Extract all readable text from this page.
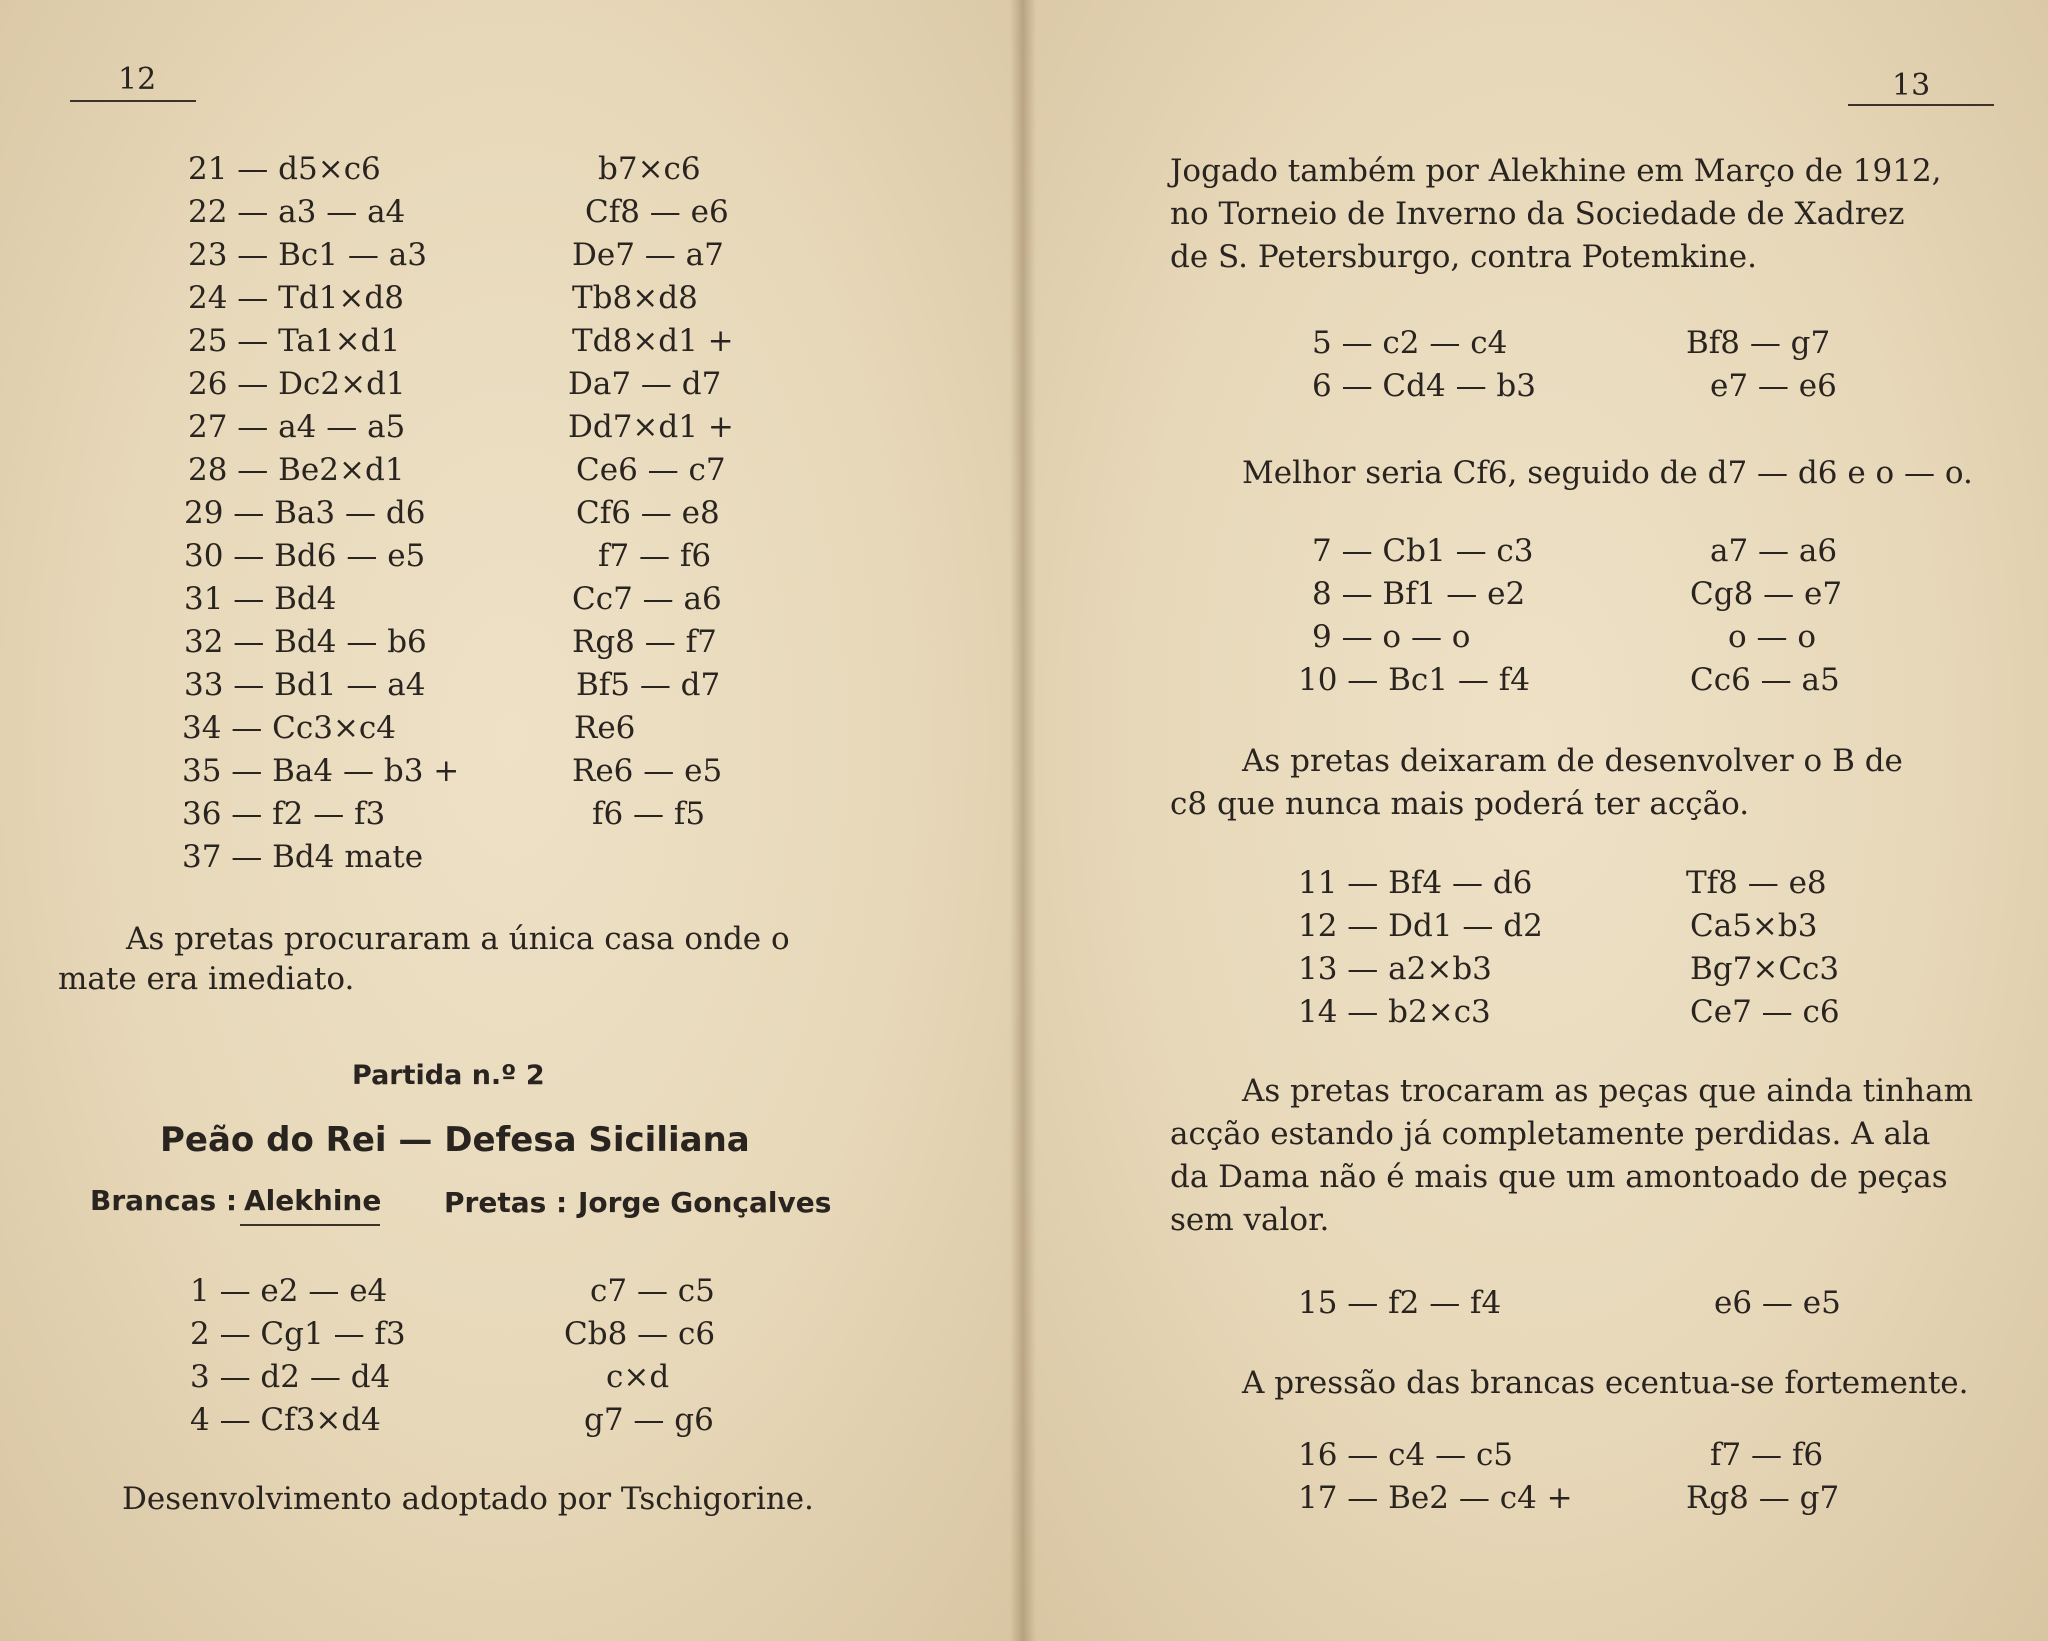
12
21 — d5×c6	b7×c6
22 — a3 — a4	Cf8 — e6
23 — Bc1 — a3	De7 — a7
24 — Td1×d8	Tb8×d8
25 — Ta1×d1	Td8×d1 +
26 — Dc2×d1	Da7 — d7
27 — a4 — a5	Dd7×d1 +
28 — Be2×d1	Ce6 — c7
29 — Ba3 — d6	Cf6 — e8
30 — Bd6 — e5	f7 — f6
31 — Bd4	Cc7 — a6
32 — Bd4 — b6	Rg8 — f7
33 — Bd1 — a4	Bf5 — d7
34 — Cc3×c4	Re6
35 — Ba4 — b3 +	Re6 — e5
36 — f2 — f3	f6 — f5
37 — Bd4 mate
As pretas procuraram a única casa onde o
mate era imediato.
Partida n.º 2
Peão do Rei — Defesa Siciliana
Brancas : Alekhine Pretas : Jorge Gonçalves
1 — e2 — e4	c7 — c5
2 — Cg1 — f3	Cb8 — c6
3 — d2 — d4	c×d
4 — Cf3×d4	g7 — g6
Desenvolvimento adoptado por Tschigorine.
13
Jogado também por Alekhine em Março de 1912,
no Torneio de Inverno da Sociedade de Xadrez
de S. Petersburgo, contra Potemkine.
5 — c2 — c4	Bf8 — g7
6 — Cd4 — b3	e7 — e6
Melhor seria Cf6, seguido de d7 — d6 e o — o.
7 — Cb1 — c3	a7 — a6
8 — Bf1 — e2	Cg8 — e7
9 — o — o	o — o
10 — Bc1 — f4	Cc6 — a5
As pretas deixaram de desenvolver o B de
c8 que nunca mais poderá ter acção.
11 — Bf4 — d6	Tf8 — e8
12 — Dd1 — d2	Ca5×b3
13 — a2×b3	Bg7×Cc3
14 — b2×c3	Ce7 — c6
As pretas trocaram as peças que ainda tinham
acção estando já completamente perdidas. A ala
da Dama não é mais que um amontoado de peças
sem valor.
15 — f2 — f4	e6 — e5
A pressão das brancas ecentua-se fortemente.
16 — c4 — c5	f7 — f6
17 — Be2 — c4 +	Rg8 — g7
